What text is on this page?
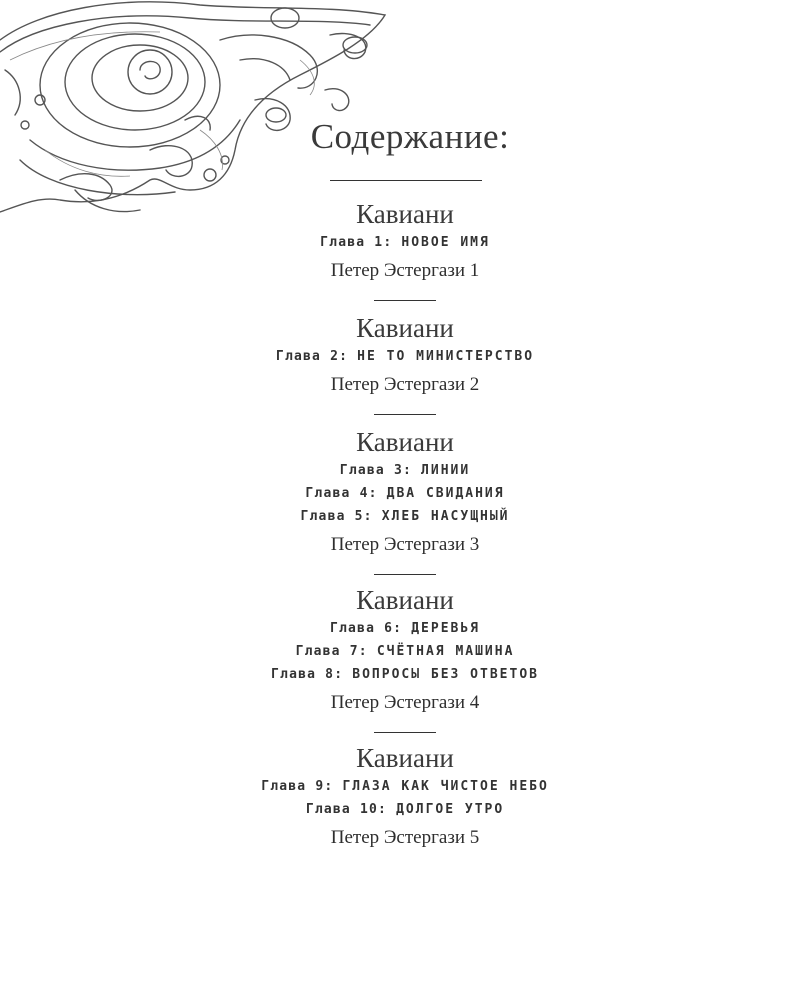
Содержание:
Кавиани
Глава 1: НОВОЕ ИМЯ
Петер Эстергази 1
Кавиани
Глава 2: НЕ ТО МИНИСТЕРСТВО
Петер Эстергази 2
Кавиани
Глава 3: ЛИНИИ
Глава 4: ДВА СВИДАНИЯ
Глава 5: ХЛЕБ НАСУЩНЫЙ
Петер Эстергази 3
Кавиани
Глава 6: ДЕРЕВЬЯ
Глава 7: СЧЁТНАЯ МАШИНА
Глава 8: ВОПРОСЫ БЕЗ ОТВЕТОВ
Петер Эстергази 4
Кавиани
Глава 9: ГЛАЗА КАК ЧИСТОЕ НЕБО
Глава 10: ДОЛГОЕ УТРО
Петер Эстергази 5
